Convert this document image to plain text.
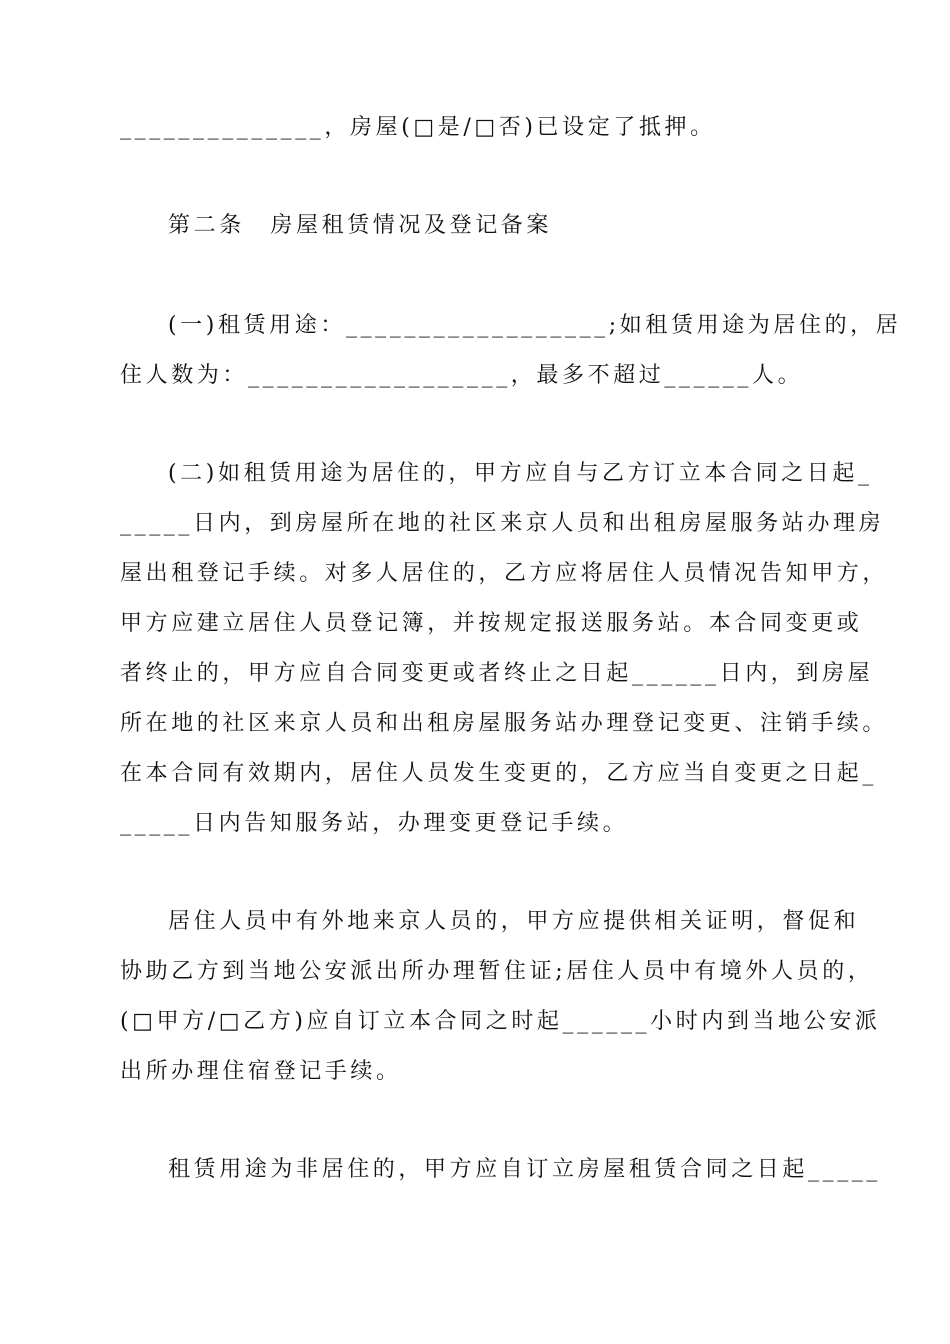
______________，房屋(□是/□否)已设定了抵押。
第二条　房屋租赁情况及登记备案
(一)租赁用途：__________________;如租赁用途为居住的，居
住人数为：__________________，最多不超过______人。
(二)如租赁用途为居住的，甲方应自与乙方订立本合同之日起_
_____日内，到房屋所在地的社区来京人员和出租房屋服务站办理房
屋出租登记手续。对多人居住的，乙方应将居住人员情况告知甲方，
甲方应建立居住人员登记簿，并按规定报送服务站。本合同变更或
者终止的，甲方应自合同变更或者终止之日起______日内，到房屋
所在地的社区来京人员和出租房屋服务站办理登记变更、注销手续。
在本合同有效期内，居住人员发生变更的，乙方应当自变更之日起_
_____日内告知服务站，办理变更登记手续。
居住人员中有外地来京人员的，甲方应提供相关证明，督促和
协助乙方到当地公安派出所办理暂住证;居住人员中有境外人员的，
(□甲方/□乙方)应自订立本合同之时起______小时内到当地公安派
出所办理住宿登记手续。
租赁用途为非居住的，甲方应自订立房屋租赁合同之日起_____
